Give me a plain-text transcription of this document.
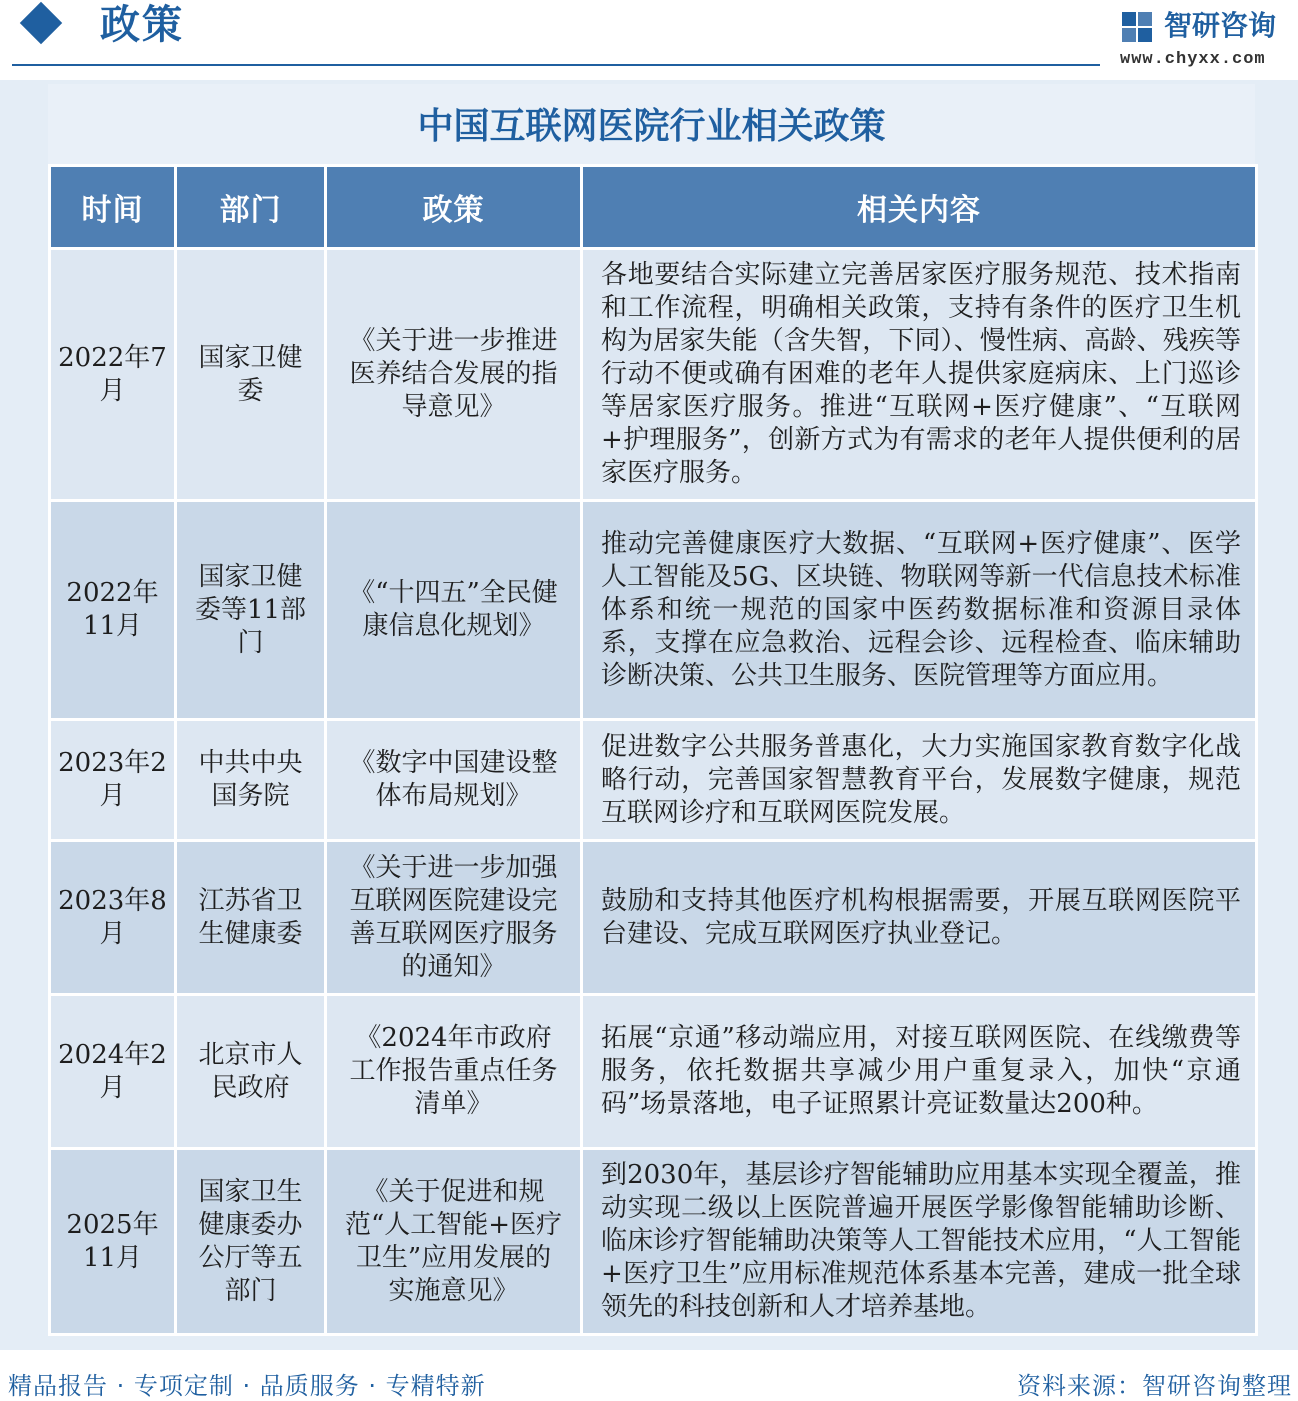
政策	智研咨询
www.chyxx.com
中国互联网医院行业相关政策
时间	部门	政策	相关内容
2022年7月	国家卫健委	《关于进一步推进医养结合发展的指导意见》	各地要结合实际建立完善居家医疗服务规范、技术指南和工作流程，明确相关政策，支持有条件的医疗卫生机构为居家失能（含失智，下同）、慢性病、高龄、残疾等行动不便或确有困难的老年人提供家庭病床、上门巡诊等居家医疗服务。推进“互联网+医疗健康”、“互联网+护理服务”，创新方式为有需求的老年人提供便利的居家医疗服务。
2022年11月	国家卫健委等11部门	《“十四五”全民健康信息化规划》	推动完善健康医疗大数据、“互联网+医疗健康”、医学人工智能及5G、区块链、物联网等新一代信息技术标准体系和统一规范的国家中医药数据标准和资源目录体系，支撑在应急救治、远程会诊、远程检查、临床辅助诊断决策、公共卫生服务、医院管理等方面应用。
2023年2月	中共中央 国务院	《数字中国建设整体布局规划》	促进数字公共服务普惠化，大力实施国家教育数字化战略行动，完善国家智慧教育平台，发展数字健康，规范互联网诊疗和互联网医院发展。
2023年8月	江苏省卫生健康委	《关于进一步加强互联网医院建设完善互联网医疗服务的通知》	鼓励和支持其他医疗机构根据需要，开展互联网医院平台建设、完成互联网医疗执业登记。
2024年2月	北京市人民政府	《2024年市政府工作报告重点任务清单》	拓展“京通”移动端应用，对接互联网医院、在线缴费等服务，依托数据共享减少用户重复录入，加快“京通码”场景落地，电子证照累计亮证数量达200种。
2025年11月	国家卫生健康委办公厅等五部门	《关于促进和规范“人工智能+医疗卫生”应用发展的实施意见》	到2030年，基层诊疗智能辅助应用基本实现全覆盖，推动实现二级以上医院普遍开展医学影像智能辅助诊断、临床诊疗智能辅助决策等人工智能技术应用，“人工智能+医疗卫生”应用标准规范体系基本完善，建成一批全球领先的科技创新和人才培养基地。
精品报告 · 专项定制 · 品质服务 · 专精特新	资料来源：智研咨询整理
